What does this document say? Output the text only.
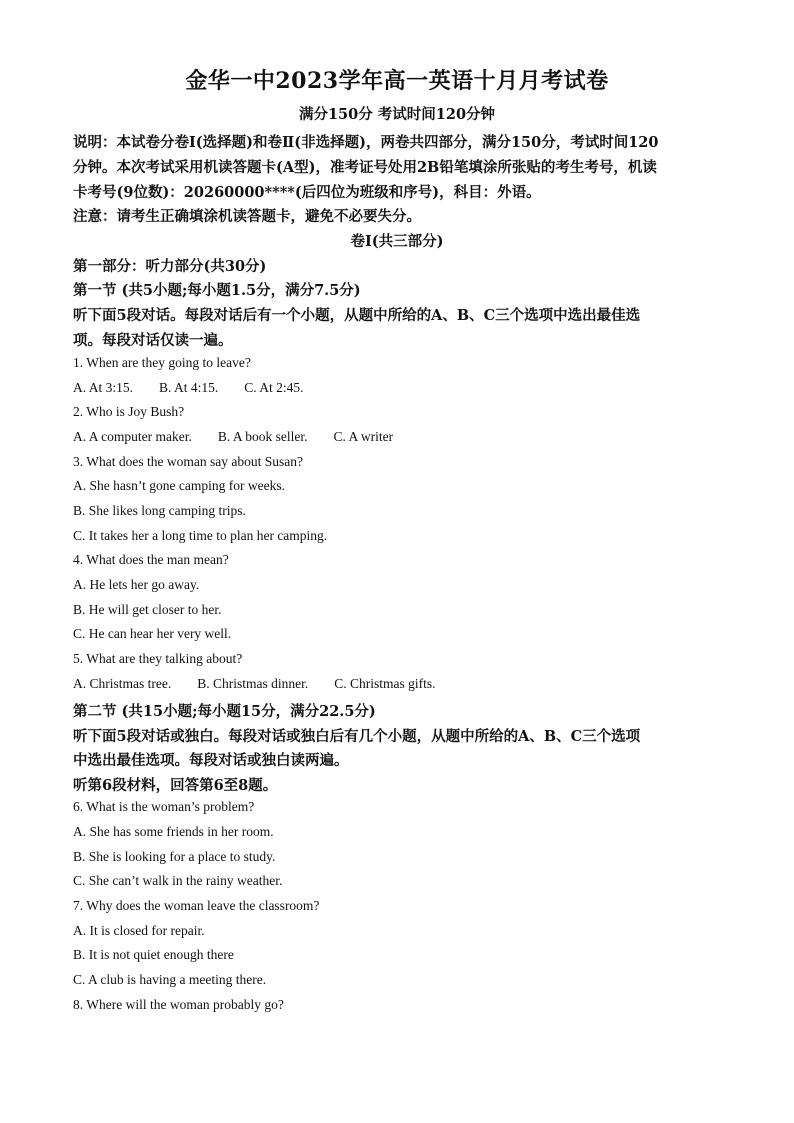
金华一中2023学年高一英语十月月考试卷
满分150分 考试时间120分钟
说明：本试卷分卷Ⅰ(选择题)和卷Ⅱ(非选择题)，两卷共四部分，满分150分，考试时间120
分钟。本次考试采用机读答题卡(A型)，准考证号处用2B铅笔填涂所张贴的考生考号，机读
卡考号(9位数)：20260000****(后四位为班级和序号)，科目：外语。
注意：请考生正确填涂机读答题卡，避免不必要失分。
卷Ⅰ(共三部分)
第一部分：听力部分(共30分)
第一节 (共5小题;每小题1.5分，满分7.5分)
听下面5段对话。每段对话后有一个小题，从题中所给的A、B、C三个选项中选出最佳选
项。每段对话仅读一遍。
1. When are they going to leave?
A. At 3:15. B. At 4:15. C. At 2:45.
2. Who is Joy Bush?
A. A computer maker. B. A book seller. C. A writer
3. What does the woman say about Susan?
A. She hasn’t gone camping for weeks.
B. She likes long camping trips.
C. It takes her a long time to plan her camping.
4. What does the man mean?
A. He lets her go away.
B. He will get closer to her.
C. He can hear her very well.
5. What are they talking about?
A. Christmas tree. B. Christmas dinner. C. Christmas gifts.
第二节 (共15小题;每小题15分，满分22.5分)
听下面5段对话或独白。每段对话或独白后有几个小题，从题中所给的A、B、C三个选项
中选出最佳选项。每段对话或独白读两遍。
听第6段材料，回答第6至8题。
6. What is the woman’s problem?
A. She has some friends in her room.
B. She is looking for a place to study.
C. She can’t walk in the rainy weather.
7. Why does the woman leave the classroom?
A. It is closed for repair.
B. It is not quiet enough there
C. A club is having a meeting there.
8. Where will the woman probably go?
